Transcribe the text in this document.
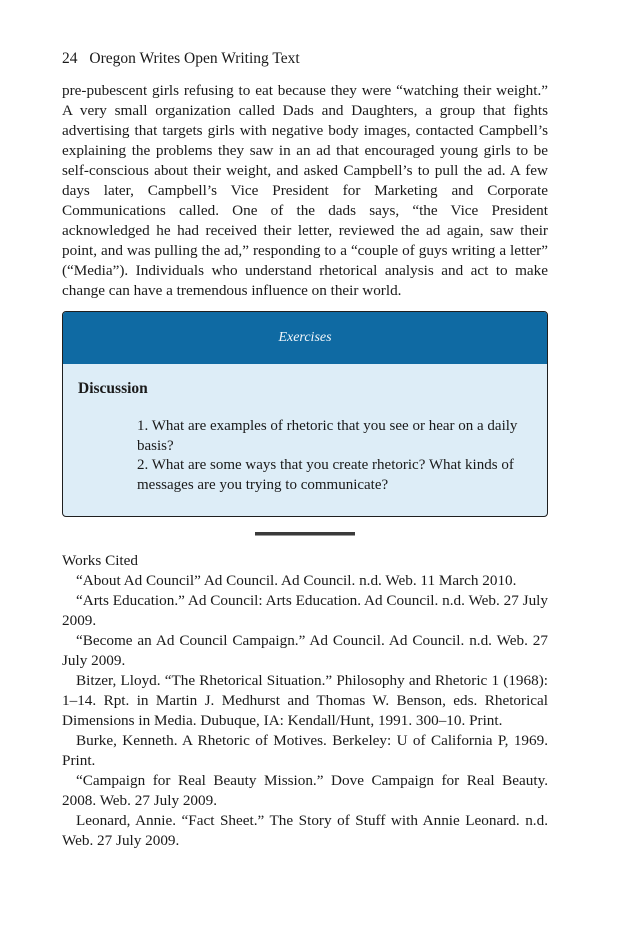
24 Oregon Writes Open Writing Text

pre-pubescent girls refusing to eat because they were “watching their weight.” A very small organization called Dads and Daughters, a group that fights advertising that targets girls with negative body images, contacted Campbell’s explaining the problems they saw in an ad that encouraged young girls to be self-conscious about their weight, and asked Campbell’s to pull the ad. A few days later, Campbell’s Vice President for Marketing and Corporate Communications called. One of the dads says, “the Vice President acknowledged he had received their letter, reviewed the ad again, saw their point, and was pulling the ad,” responding to a “couple of guys writing a letter” (“Media”). Individuals who understand rhetorical analysis and act to make change can have a tremendous influence on their world.

Exercises
Discussion
1. What are examples of rhetoric that you see or hear on a daily basis?
2. What are some ways that you create rhetoric? What kinds of messages are you trying to communicate?

Works Cited

“About Ad Council” Ad Council. Ad Council. n.d. Web. 11 March 2010.

“Arts Education.” Ad Council: Arts Education. Ad Council. n.d. Web. 27 July 2009.

“Become an Ad Council Campaign.” Ad Council. Ad Council. n.d. Web. 27 July 2009.

Bitzer, Lloyd. “The Rhetorical Situation.” Philosophy and Rhetoric 1 (1968): 1–14. Rpt. in Martin J. Medhurst and Thomas W. Benson, eds. Rhetorical Dimensions in Media. Dubuque, IA: Kendall/Hunt, 1991. 300–10. Print.

Burke, Kenneth. A Rhetoric of Motives. Berkeley: U of California P, 1969. Print.

“Campaign for Real Beauty Mission.” Dove Campaign for Real Beauty. 2008. Web. 27 July 2009.

Leonard, Annie. “Fact Sheet.” The Story of Stuff with Annie Leonard. n.d. Web. 27 July 2009.
